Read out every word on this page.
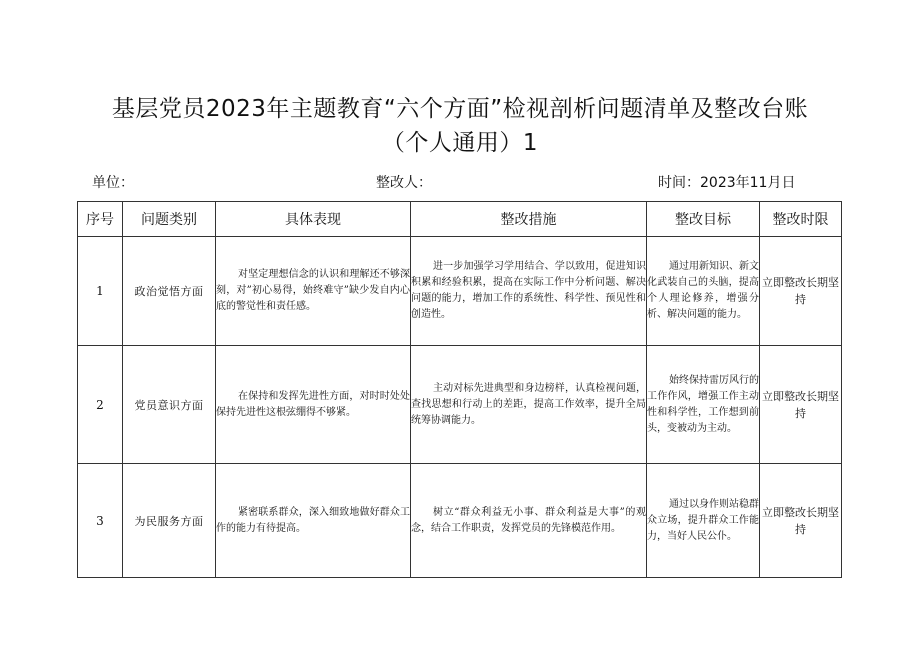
基层党员2023年主题教育“六个方面”检视剖析问题清单及整改台账
（个人通用）1
单位：	整改人：	时间：2023年11月日
序号	问题类别	具体表现	整改措施	整改目标	整改时限
1	政治觉悟方面	对坚定理想信念的认识和理解还不够深刻，对”初心易得，始终难守”缺少发自内心底的警觉性和责任感。	进一步加强学习学用结合、学以致用，促进知识积累和经验积累，提高在实际工作中分析问题、解决问题的能力，增加工作的系统性、科学性、预见性和创造性。	通过用新知识、新文化武装自己的头脑，提高个人理论修养，增强分析、解决问题的能力。	立即整改长期坚持
2	党员意识方面	在保持和发挥先进性方面，对时时处处保持先进性这根弦绷得不够紧。	主动对标先进典型和身边榜样，认真检视问题，查找思想和行动上的差距，提高工作效率，提升全局统筹协调能力。	始终保持雷厉风行的工作作风，增强工作主动性和科学性，工作想到前头，变被动为主动。	立即整改长期坚持
3	为民服务方面	紧密联系群众，深入细致地做好群众工作的能力有待提高。	树立“群众利益无小事、群众利益是大事”的观念，结合工作职责，发挥党员的先锋模范作用。	通过以身作则站稳群众立场，提升群众工作能力，当好人民公仆。	立即整改长期坚持
